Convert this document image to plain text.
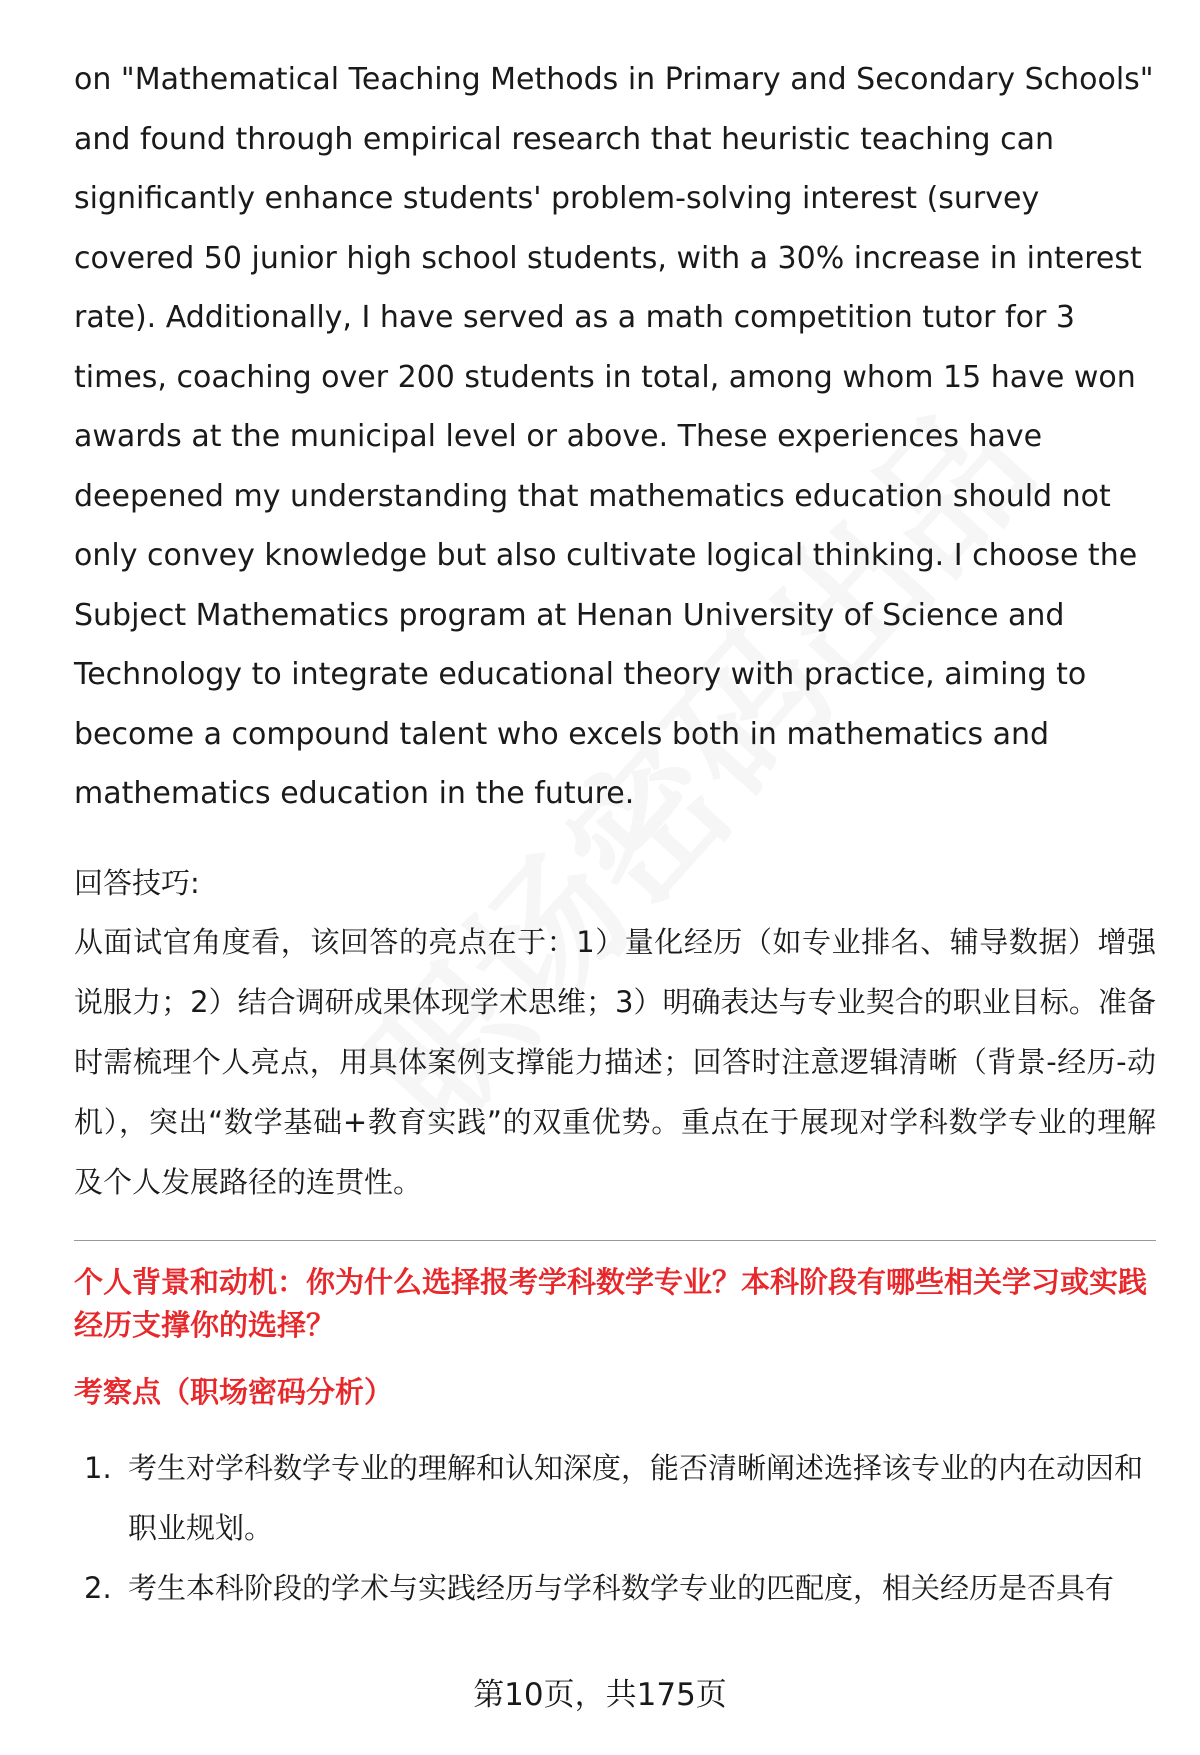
on "Mathematical Teaching Methods in Primary and Secondary Schools" and found through empirical research that heuristic teaching can significantly enhance students' problem-solving interest (survey covered 50 junior high school students, with a 30% increase in interest rate). Additionally, I have served as a math competition tutor for 3 times, coaching over 200 students in total, among whom 15 have won awards at the municipal level or above. These experiences have deepened my understanding that mathematics education should not only convey knowledge but also cultivate logical thinking. I choose the Subject Mathematics program at Henan University of Science and Technology to integrate educational theory with practice, aiming to become a compound talent who excels both in mathematics and mathematics education in the future.

回答技巧:

从面试官角度看，该回答的亮点在于：1）量化经历（如专业排名、辅导数据）增强说服力；2）结合调研成果体现学术思维；3）明确表达与专业契合的职业目标。准备时需梳理个人亮点，用具体案例支撑能力描述；回答时注意逻辑清晰（背景-经历-动机），突出“数学基础+教育实践”的双重优势。重点在于展现对学科数学专业的理解及个人发展路径的连贯性。

个人背景和动机：你为什么选择报考学科数学专业？本科阶段有哪些相关学习或实践经历支撑你的选择？

考察点（职场密码分析）

1. 考生对学科数学专业的理解和认知深度，能否清晰阐述选择该专业的内在动因和职业规划。
2. 考生本科阶段的学术与实践经历与学科数学专业的匹配度，相关经历是否具有
第10页，共175页
